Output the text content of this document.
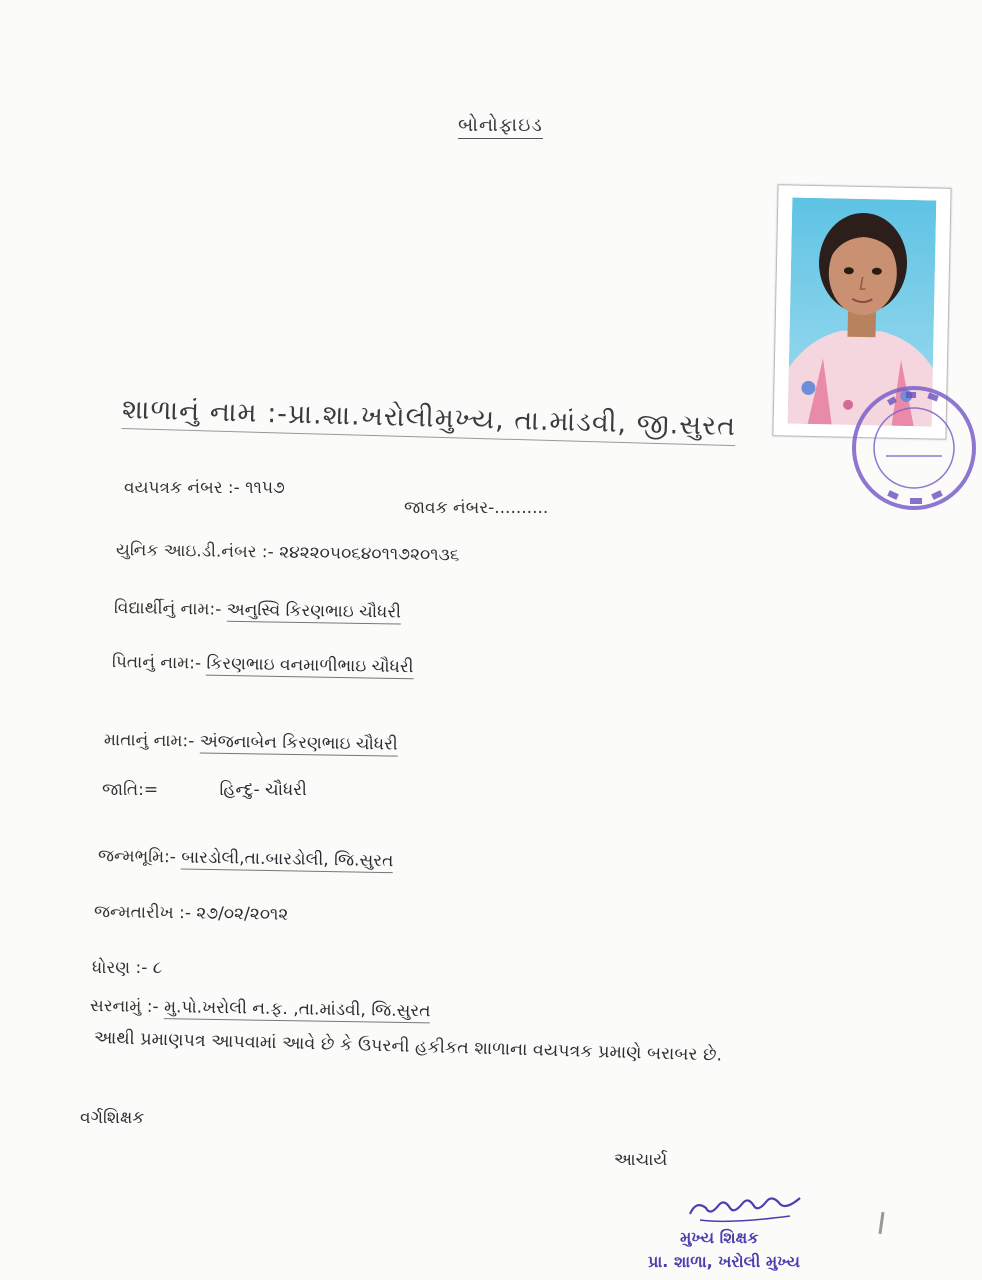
બોનોફાઇડ
શાળાનું નામ :-પ્રા.શા.ખરોલીમુખ્ય, તા.માંડવી, જી.સુરત
વયપત્રક નંબર :- ૧૧૫૭
જાવક નંબર-..........
યુનિક આઇ.ડી.નંબર :- ૨૪૨૨૦૫૦૬૪૦૧૧૭૨૦૧૩૬
વિદ્યાર્થીનું નામ:- અનુસ્વિ કિરણભાઇ ચૌધરી
પિતાનું નામ:- કિરણભાઇ વનમાળીભાઇ ચૌધરી
માતાનું નામ:- અંજનાબેન કિરણભાઇ ચૌધરી
જાતિ:=	હિન્દુ- ચૌધરી
જન્મભૂમિ:- બારડોલી,તા.બારડોલી, જિ.સુરત
જન્મતારીખ :- ૨૭/૦૨/૨૦૧૨
ધોરણ :- ૮
સરનામું :- મુ.પો.ખરોલી ન.ફ. ,તા.માંડવી, જિ.સુરત
આથી પ્રમાણપત્ર આપવામાં આવે છે કે ઉપરની હકીકત શાળાના વયપત્રક પ્રમાણે બરાબર છે.
વર્ગશિક્ષક
આચાર્ય
મુખ્ય શિક્ષક
પ્રા. શાળા, ખરોલી મુખ્ય
